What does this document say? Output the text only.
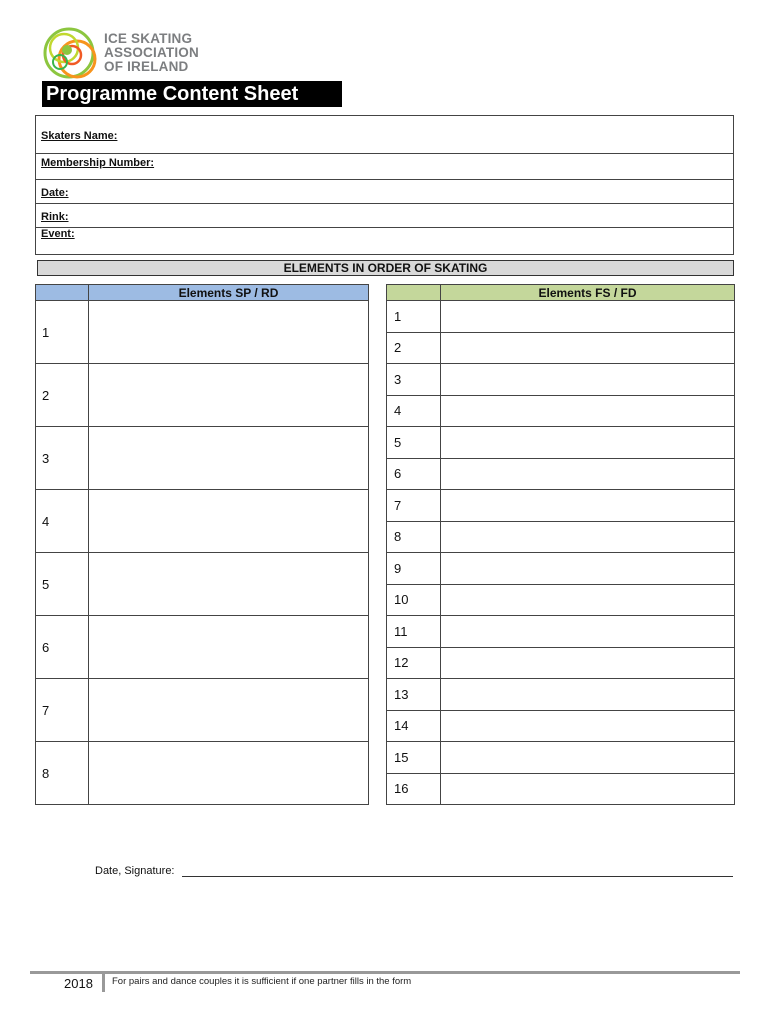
ICE SKATING
ASSOCIATION
OF IRELAND
Programme Content Sheet
Skaters Name:
Membership Number:
Date:
Rink:
Event:
ELEMENTS IN ORDER OF SKATING
	Elements SP / RD
1	
2	
3	
4	
5	
6	
7	
8	
	Elements FS / FD
1	
2	
3	
4	
5	
6	
7	
8	
9	
10	
11	
12	
13	
14	
15	
16	
Date, Signature:
2018 For pairs and dance couples it is sufficient if one partner fills in the form
